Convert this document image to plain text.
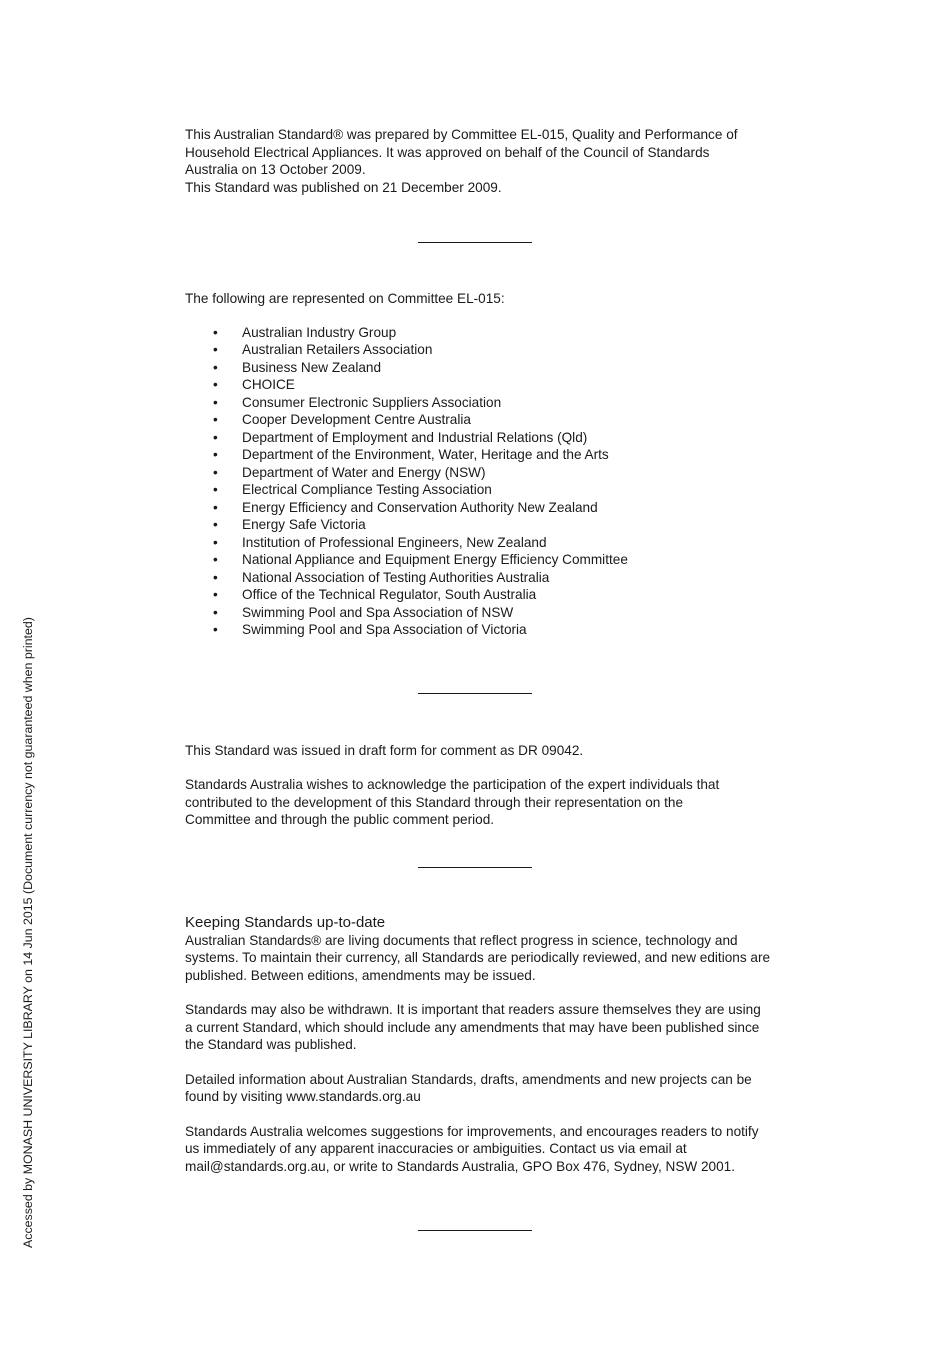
Accessed by MONASH UNIVERSITY LIBRARY on 14 Jun 2015 (Document currency not guaranteed when printed)

This Australian Standard® was prepared by Committee EL-015, Quality and Performance of Household Electrical Appliances. It was approved on behalf of the Council of Standards Australia on 13 October 2009.

This Standard was published on 21 December 2009.

The following are represented on Committee EL-015:

• Australian Industry Group
• Australian Retailers Association
• Business New Zealand
• CHOICE
• Consumer Electronic Suppliers Association
• Cooper Development Centre Australia
• Department of Employment and Industrial Relations (Qld)
• Department of the Environment, Water, Heritage and the Arts
• Department of Water and Energy (NSW)
• Electrical Compliance Testing Association
• Energy Efficiency and Conservation Authority New Zealand
• Energy Safe Victoria
• Institution of Professional Engineers, New Zealand
• National Appliance and Equipment Energy Efficiency Committee
• National Association of Testing Authorities Australia
• Office of the Technical Regulator, South Australia
• Swimming Pool and Spa Association of NSW
• Swimming Pool and Spa Association of Victoria

This Standard was issued in draft form for comment as DR 09042.

Standards Australia wishes to acknowledge the participation of the expert individuals that contributed to the development of this Standard through their representation on the Committee and through the public comment period.

Keeping Standards up-to-date

Australian Standards® are living documents that reflect progress in science, technology and systems. To maintain their currency, all Standards are periodically reviewed, and new editions are published. Between editions, amendments may be issued.

Standards may also be withdrawn. It is important that readers assure themselves they are using a current Standard, which should include any amendments that may have been published since the Standard was published.

Detailed information about Australian Standards, drafts, amendments and new projects can be found by visiting www.standards.org.au

Standards Australia welcomes suggestions for improvements, and encourages readers to notify us immediately of any apparent inaccuracies or ambiguities. Contact us via email at mail@standards.org.au, or write to Standards Australia, GPO Box 476, Sydney, NSW 2001.
